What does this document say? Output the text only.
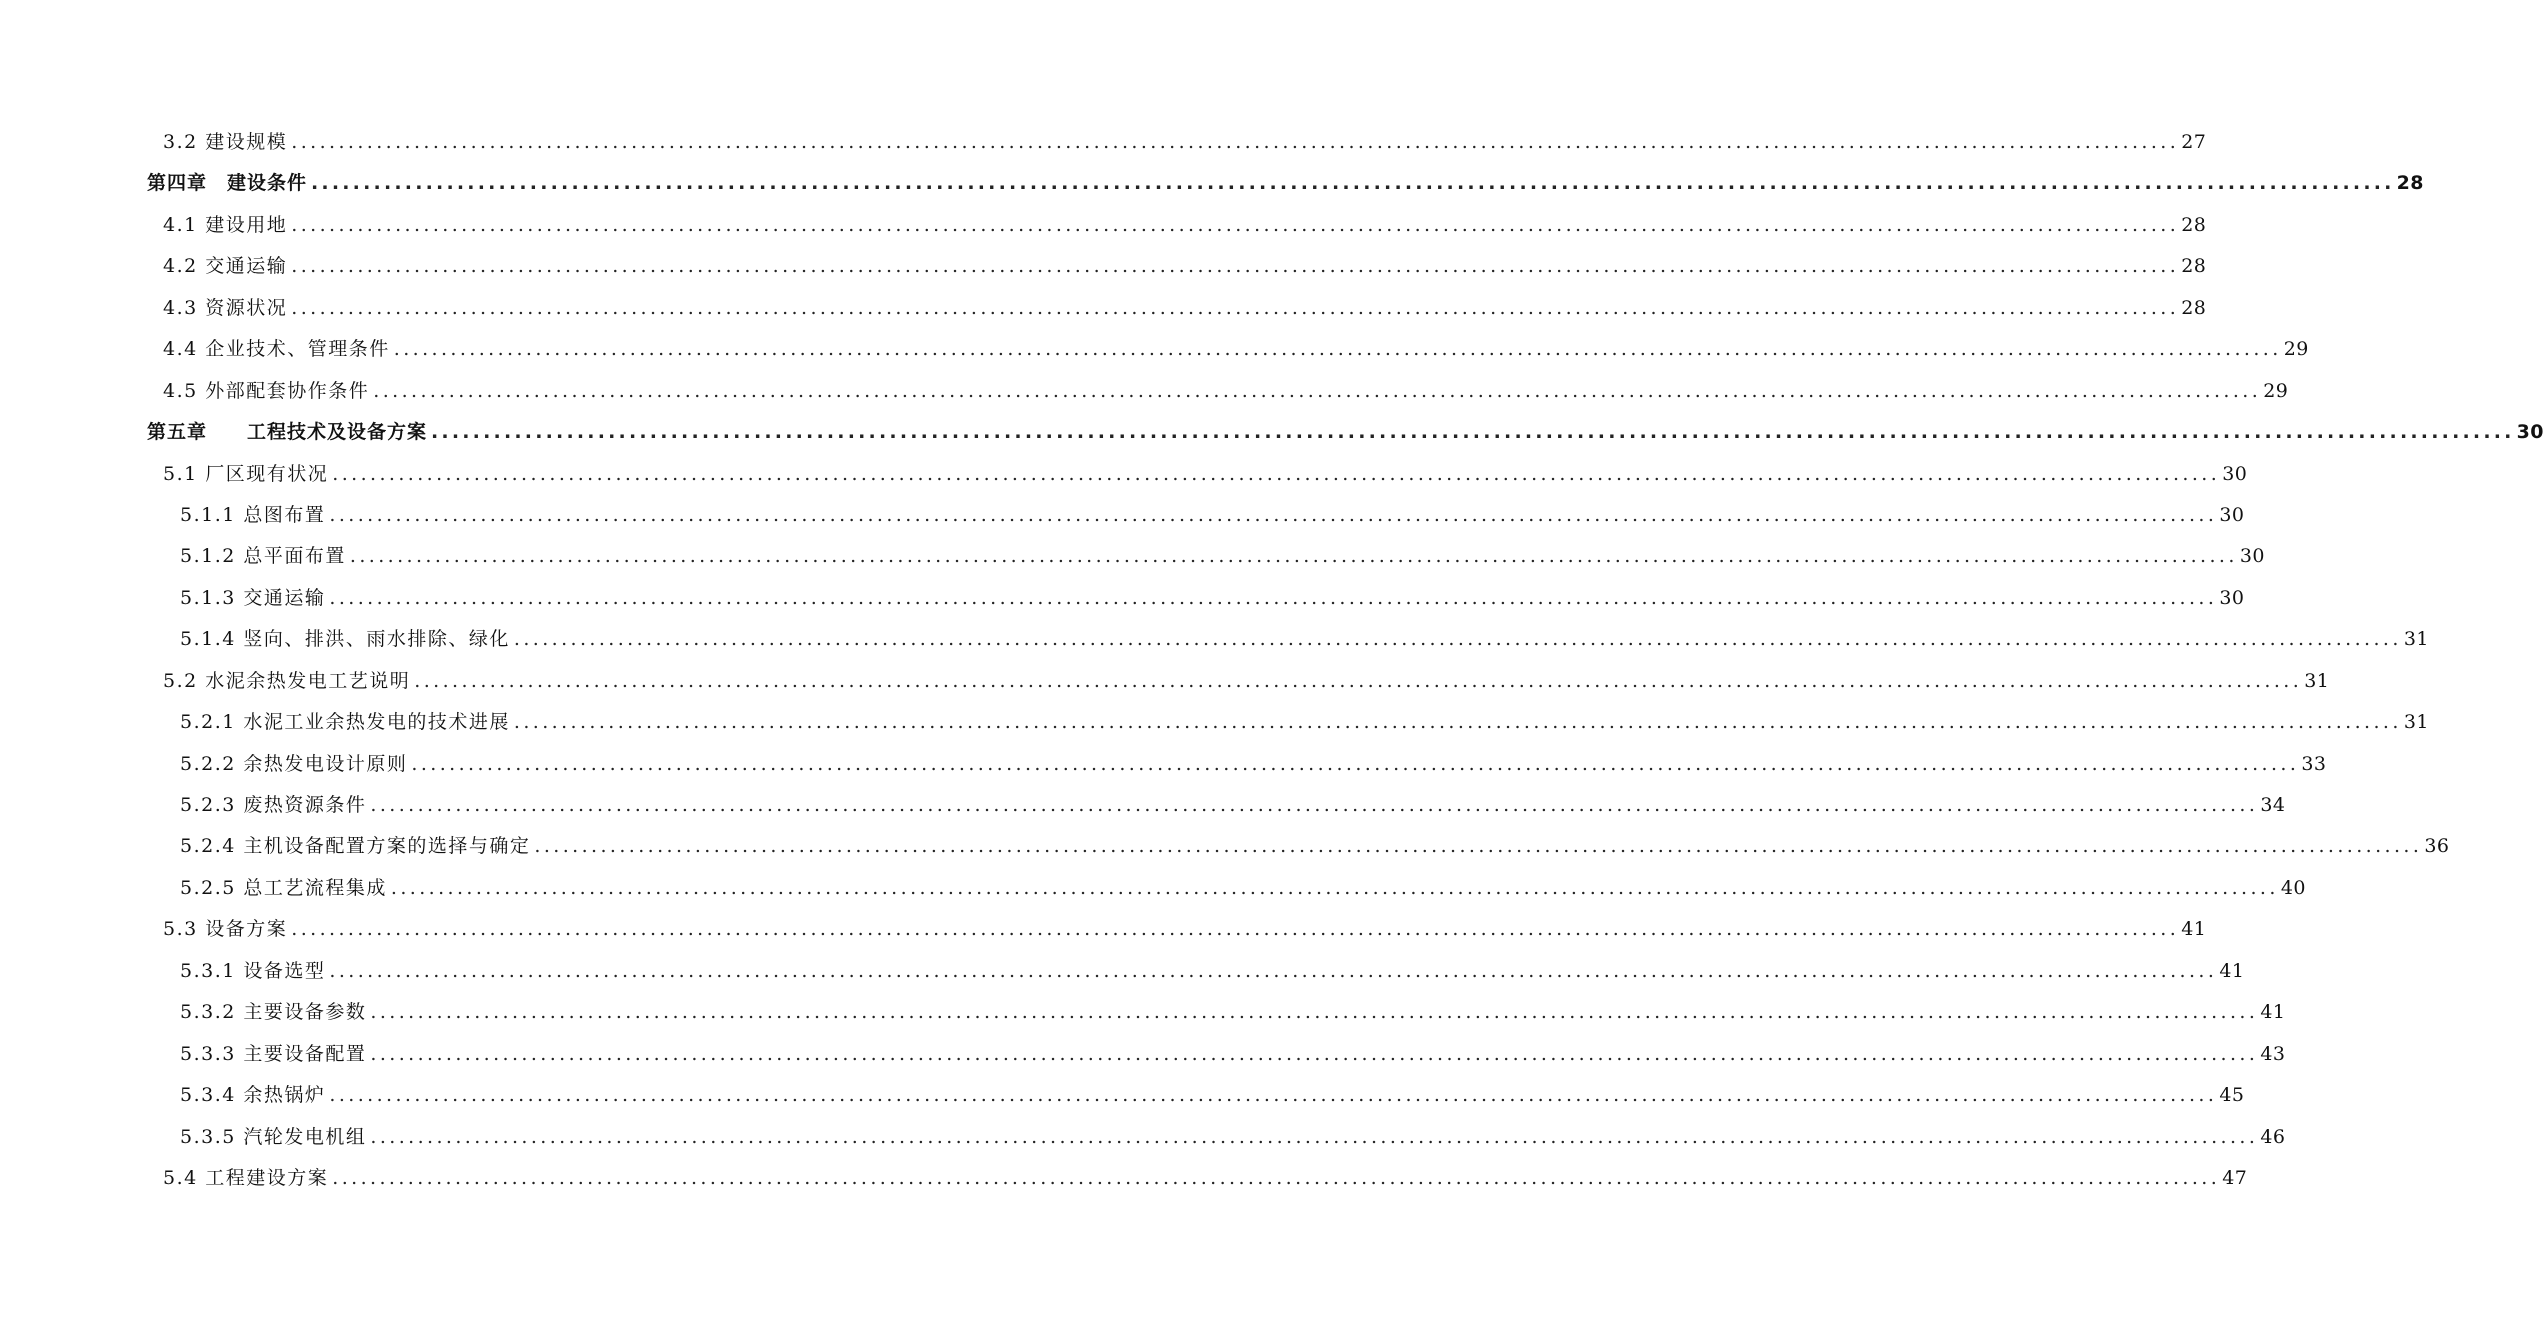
3.2 建设规模 ........................................................................................................................................................................................................ 27
第四章　建设条件 ........................................................................................................................................................................................................ 28
4.1 建设用地 ........................................................................................................................................................................................................ 28
4.2 交通运输 ........................................................................................................................................................................................................ 28
4.3 资源状况 ........................................................................................................................................................................................................ 28
4.4 企业技术、管理条件 ........................................................................................................................................................................................................ 29
4.5 外部配套协作条件 ........................................................................................................................................................................................................ 29
第五章　　工程技术及设备方案 ........................................................................................................................................................................................................ 30
5.1 厂区现有状况 ........................................................................................................................................................................................................ 30
5.1.1 总图布置 ........................................................................................................................................................................................................ 30
5.1.2 总平面布置 ........................................................................................................................................................................................................ 30
5.1.3 交通运输 ........................................................................................................................................................................................................ 30
5.1.4 竖向、排洪、雨水排除、绿化 ........................................................................................................................................................................................................ 31
5.2 水泥余热发电工艺说明 ........................................................................................................................................................................................................ 31
5.2.1 水泥工业余热发电的技术进展 ........................................................................................................................................................................................................ 31
5.2.2 余热发电设计原则 ........................................................................................................................................................................................................ 33
5.2.3 废热资源条件 ........................................................................................................................................................................................................ 34
5.2.4 主机设备配置方案的选择与确定 ........................................................................................................................................................................................................ 36
5.2.5 总工艺流程集成 ........................................................................................................................................................................................................ 40
5.3 设备方案 ........................................................................................................................................................................................................ 41
5.3.1 设备选型 ........................................................................................................................................................................................................ 41
5.3.2 主要设备参数 ........................................................................................................................................................................................................ 41
5.3.3 主要设备配置 ........................................................................................................................................................................................................ 43
5.3.4 余热锅炉 ........................................................................................................................................................................................................ 45
5.3.5 汽轮发电机组 ........................................................................................................................................................................................................ 46
5.4 工程建设方案 ........................................................................................................................................................................................................ 47
